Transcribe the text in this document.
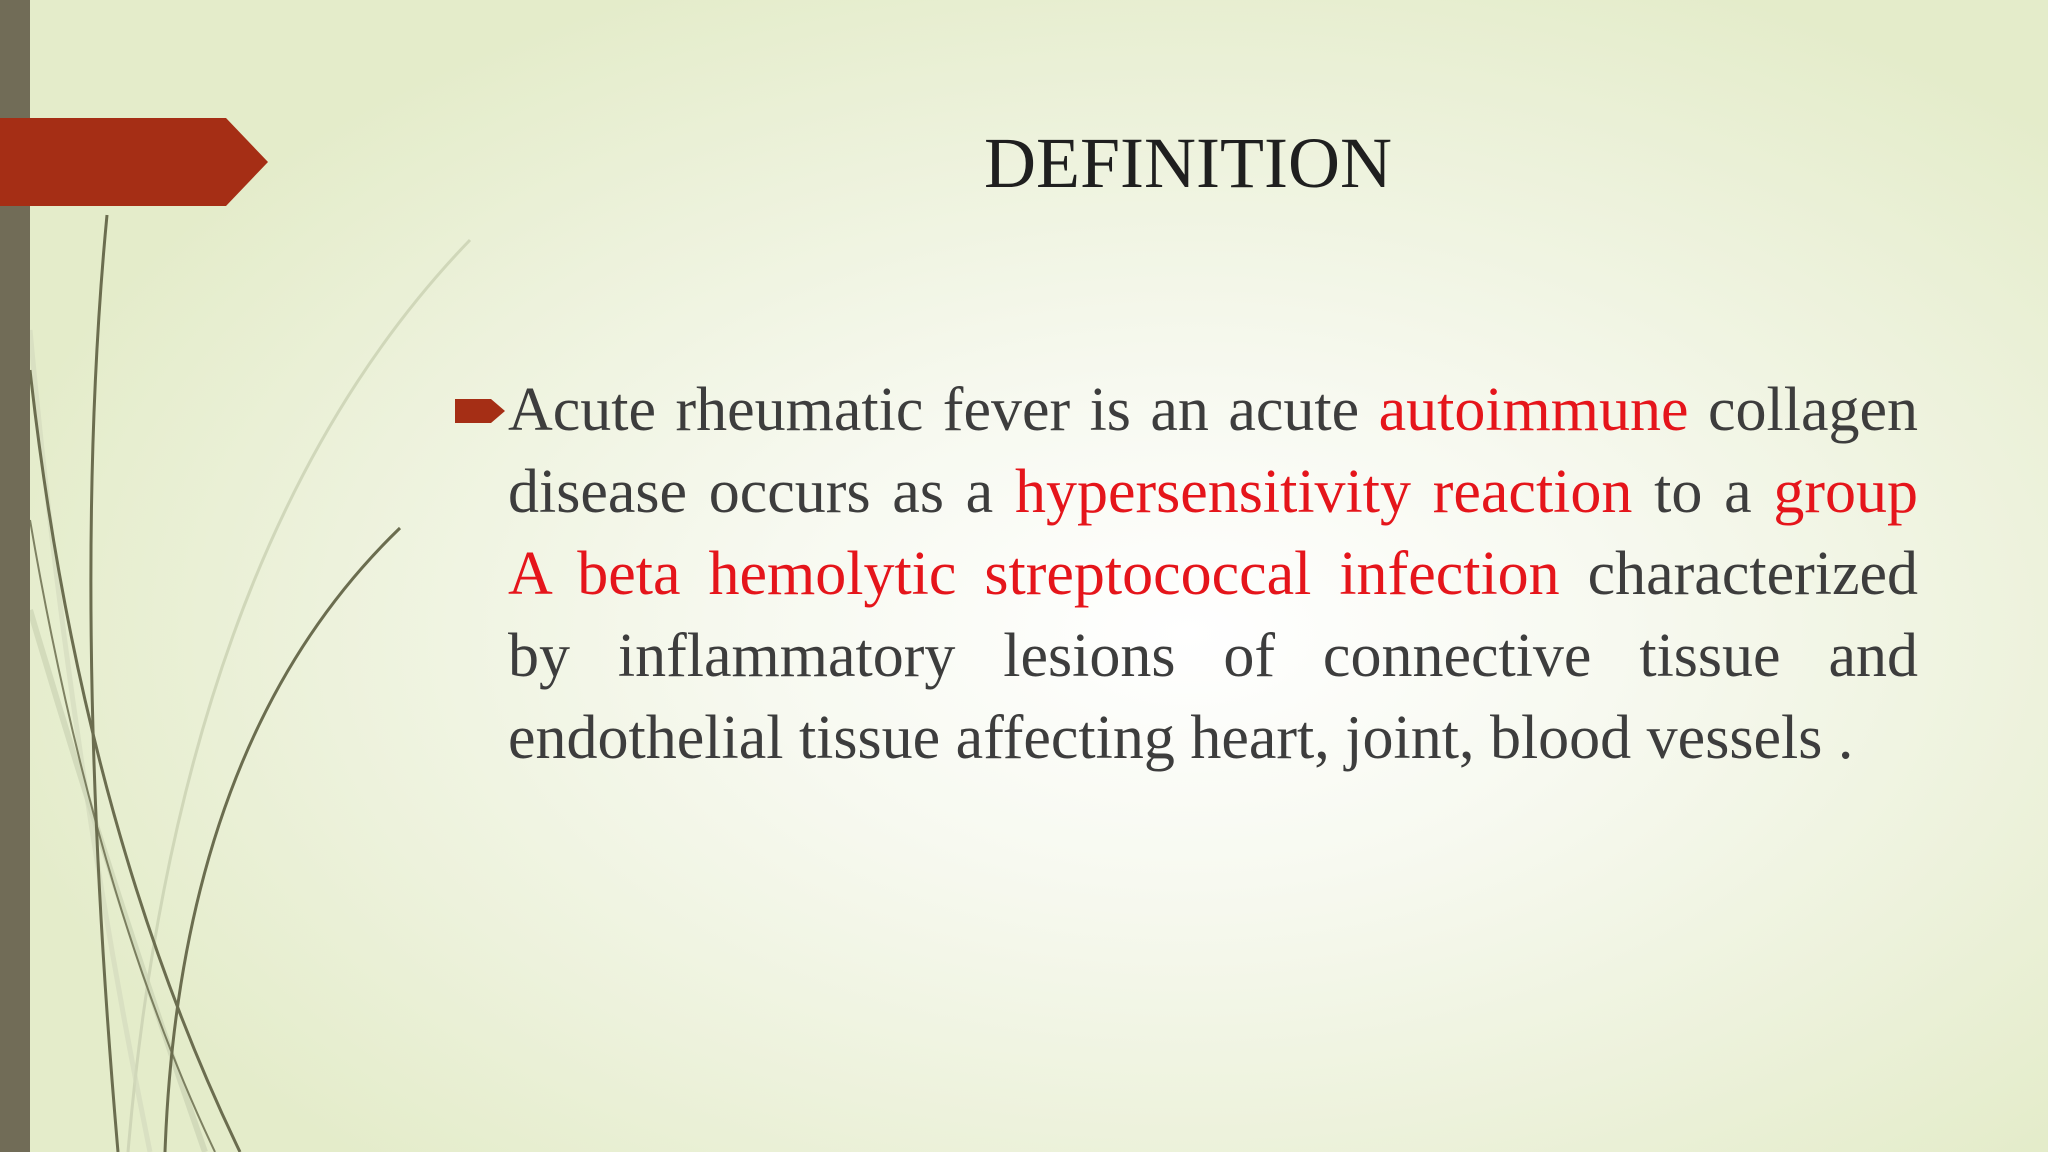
DEFINITION

Acute rheumatic fever is an acute autoimmune collagen disease occurs as a hypersensitivity reaction to a group A beta hemolytic streptococcal infection characterized by inflammatory lesions of connective tissue and endothelial tissue affecting heart, joint, blood vessels .
